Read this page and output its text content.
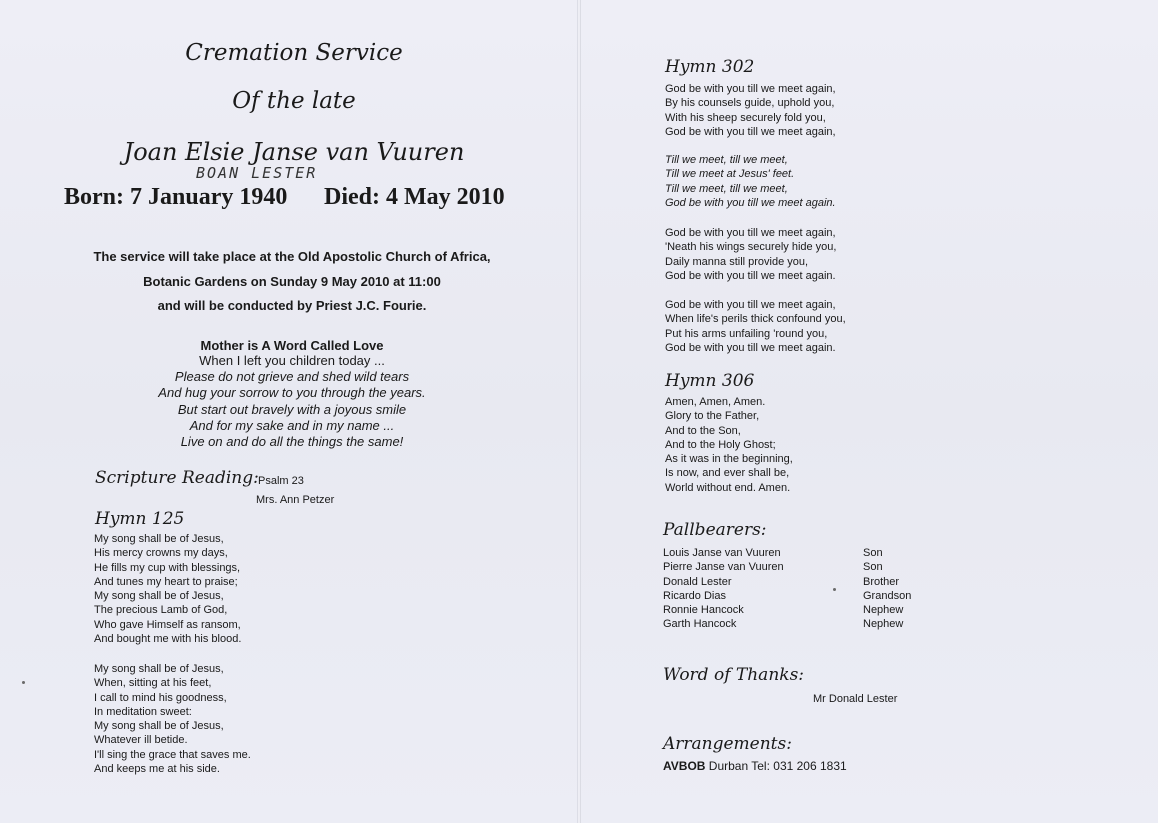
Cremation Service
Of the late
Joan Elsie Janse van Vuuren
BOAN LESTER
Born: 7 January 1940 Died: 4 May 2010
The service will take place at the Old Apostolic Church of Africa,
Botanic Gardens on Sunday 9 May 2010 at 11:00
and will be conducted by Priest J.C. Fourie.
Mother is A Word Called Love
When I left you children today ...
Please do not grieve and shed wild tears
And hug your sorrow to you through the years.
But start out bravely with a joyous smile
And for my sake and in my name ...
Live on and do all the things the same!
Scripture Reading: Psalm 23
Mrs. Ann Petzer
Hymn 125
My song shall be of Jesus,
His mercy crowns my days,
He fills my cup with blessings,
And tunes my heart to praise;
My song shall be of Jesus,
The precious Lamb of God,
Who gave Himself as ransom,
And bought me with his blood.
My song shall be of Jesus,
When, sitting at his feet,
I call to mind his goodness,
In meditation sweet:
My song shall be of Jesus,
Whatever ill betide.
I'll sing the grace that saves me.
And keeps me at his side.
Hymn 302
God be with you till we meet again,
By his counsels guide, uphold you,
With his sheep securely fold you,
God be with you till we meet again,
Till we meet, till we meet,
Till we meet at Jesus' feet.
Till we meet, till we meet,
God be with you till we meet again.
God be with you till we meet again,
'Neath his wings securely hide you,
Daily manna still provide you,
God be with you till we meet again.
God be with you till we meet again,
When life's perils thick confound you,
Put his arms unfailing 'round you,
God be with you till we meet again.
Hymn 306
Amen, Amen, Amen.
Glory to the Father,
And to the Son,
And to the Holy Ghost;
As it was in the beginning,
Is now, and ever shall be,
World without end. Amen.
Pallbearers:
Louis Janse van Vuuren	Son
Pierre Janse van Vuuren	Son
Donald Lester	Brother
Ricardo Dias	Grandson
Ronnie Hancock	Nephew
Garth Hancock	Nephew
Word of Thanks:
Mr Donald Lester
Arrangements:
AVBOB Durban Tel: 031 206 1831
